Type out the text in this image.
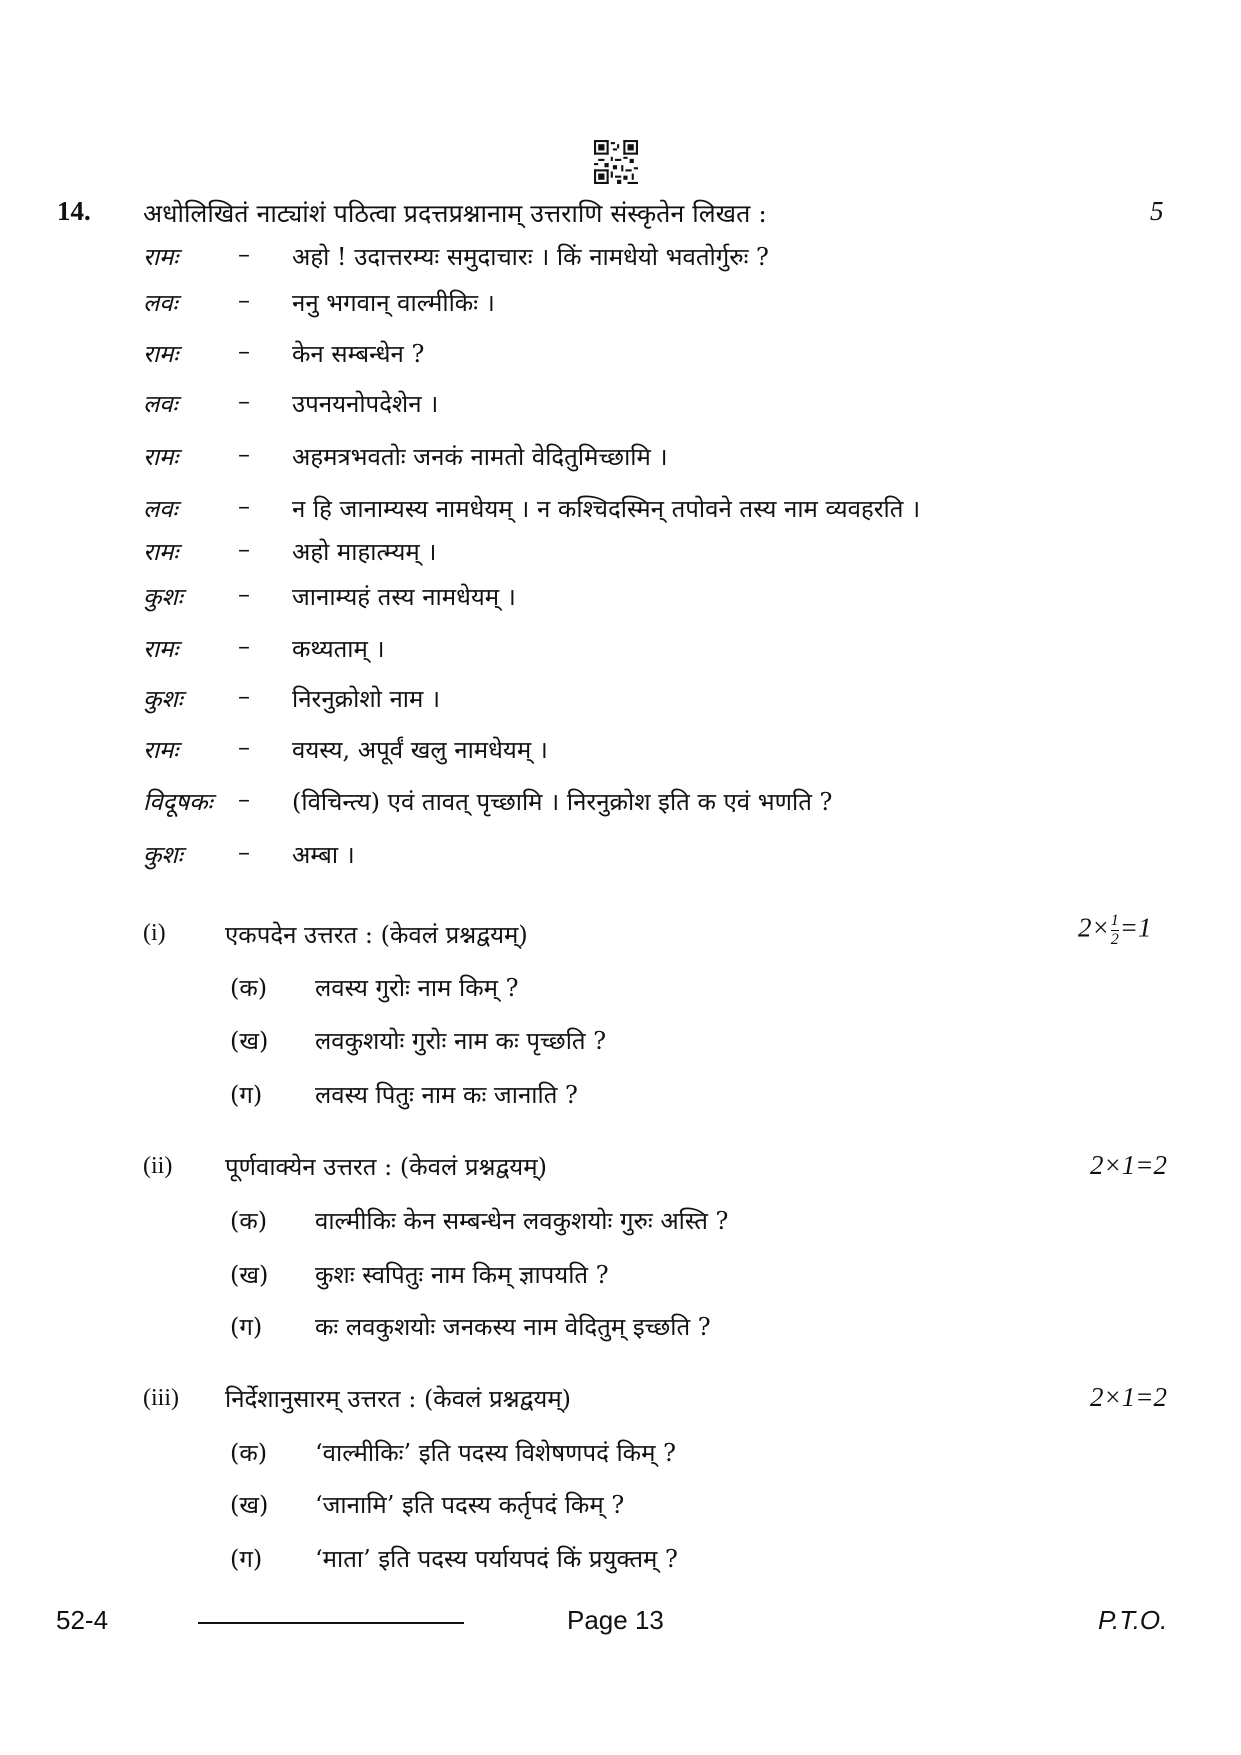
14. अधोलिखितं नाट्यांशं पठित्वा प्रदत्तप्रश्नानाम् उत्तराणि संस्कृतेन लिखत :	5
रामः – अहो ! उदात्तरम्यः समुदाचारः । किं नामधेयो भवतोर्गुरुः ?
लवः	– ननु भगवान् वाल्मीकिः ।
रामः – केन सम्बन्धेन ?
लवः	– उपनयनोपदेशेन ।
रामः – अहमत्रभवतोः जनकं नामतो वेदितुमिच्छामि ।
लवः	– न हि जानाम्यस्य नामधेयम् । न कश्चिदस्मिन् तपोवने तस्य नाम व्यवहरति ।
रामः – अहो माहात्म्यम् ।
कुशः – जानाम्यहं तस्य नामधेयम् ।
रामः – कथ्यताम् ।
कुशः – निरनुक्रोशो नाम ।
रामः – वयस्य, अपूर्वं खलु नामधेयम् ।
विदूषकः – (विचिन्त्य) एवं तावत् पृच्छामि । निरनुक्रोश इति क एवं भणति ?
कुशः – अम्बा ।
(i) एकपदेन उत्तरत : (केवलं प्रश्नद्वयम्)	$2\times \frac{1}{2} =1$
(क) लवस्य गुरोः नाम किम् ?
(ख) लवकुशयोः गुरोः नाम कः पृच्छति ?
(ग) लवस्य पितुः नाम कः जानाति ?
(ii) पूर्णवाक्येन उत्तरत : (केवलं प्रश्नद्वयम्)	2×1=2
(क) वाल्मीकिः केन सम्बन्धेन लवकुशयोः गुरुः अस्ति ?
(ख) कुशः स्वपितुः नाम किम् ज्ञापयति ?
(ग) कः लवकुशयोः जनकस्य नाम वेदितुम् इच्छति ?
(iii) निर्देशानुसारम् उत्तरत : (केवलं प्रश्नद्वयम्)	2×1=2
(क) ‘वाल्मीकिः’ इति पदस्य विशेषणपदं किम् ?
(ख) ‘जानामि’ इति पदस्य कर्तृपदं किम् ?
(ग) ‘माता’ इति पदस्य पर्यायपदं किं प्रयुक्तम् ?
52-4	Page 13	P.T.O.
